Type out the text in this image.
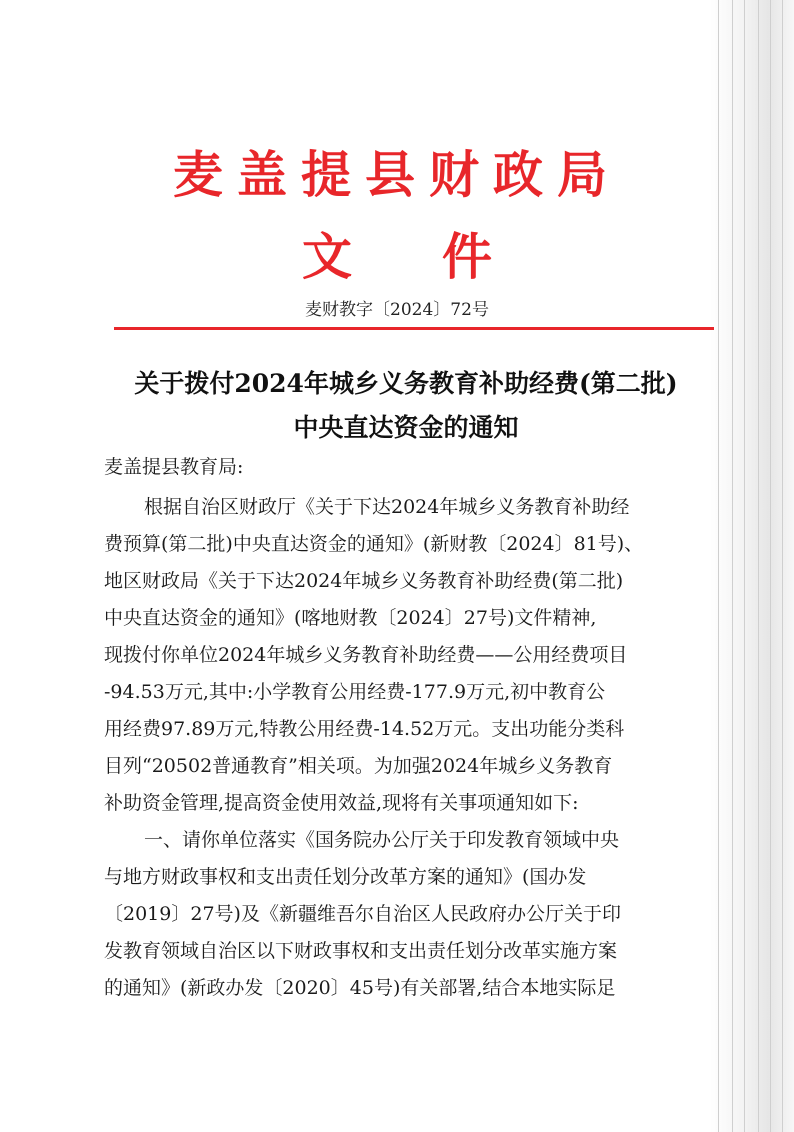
麦盖提县财政局
文件
麦财教字〔2024〕72号
关于拨付2024年城乡义务教育补助经费(第二批)
中央直达资金的通知

麦盖提县教育局:

根据自治区财政厅《关于下达2024年城乡义务教育补助经
费预算(第二批)中央直达资金的通知》(新财教〔2024〕81号)、
地区财政局《关于下达2024年城乡义务教育补助经费(第二批)
中央直达资金的通知》(喀地财教〔2024〕27号)文件精神,
现拨付你单位2024年城乡义务教育补助经费——公用经费项目
-94.53万元,其中:小学教育公用经费-177.9万元,初中教育公
用经费97.89万元,特教公用经费-14.52万元。支出功能分类科
目列“20502普通教育”相关项。为加强2024年城乡义务教育
补助资金管理,提高资金使用效益,现将有关事项通知如下:
一、请你单位落实《国务院办公厅关于印发教育领域中央
与地方财政事权和支出责任划分改革方案的通知》(国办发
〔2019〕27号)及《新疆维吾尔自治区人民政府办公厅关于印
发教育领域自治区以下财政事权和支出责任划分改革实施方案
的通知》(新政办发〔2020〕45号)有关部署,结合本地实际足
